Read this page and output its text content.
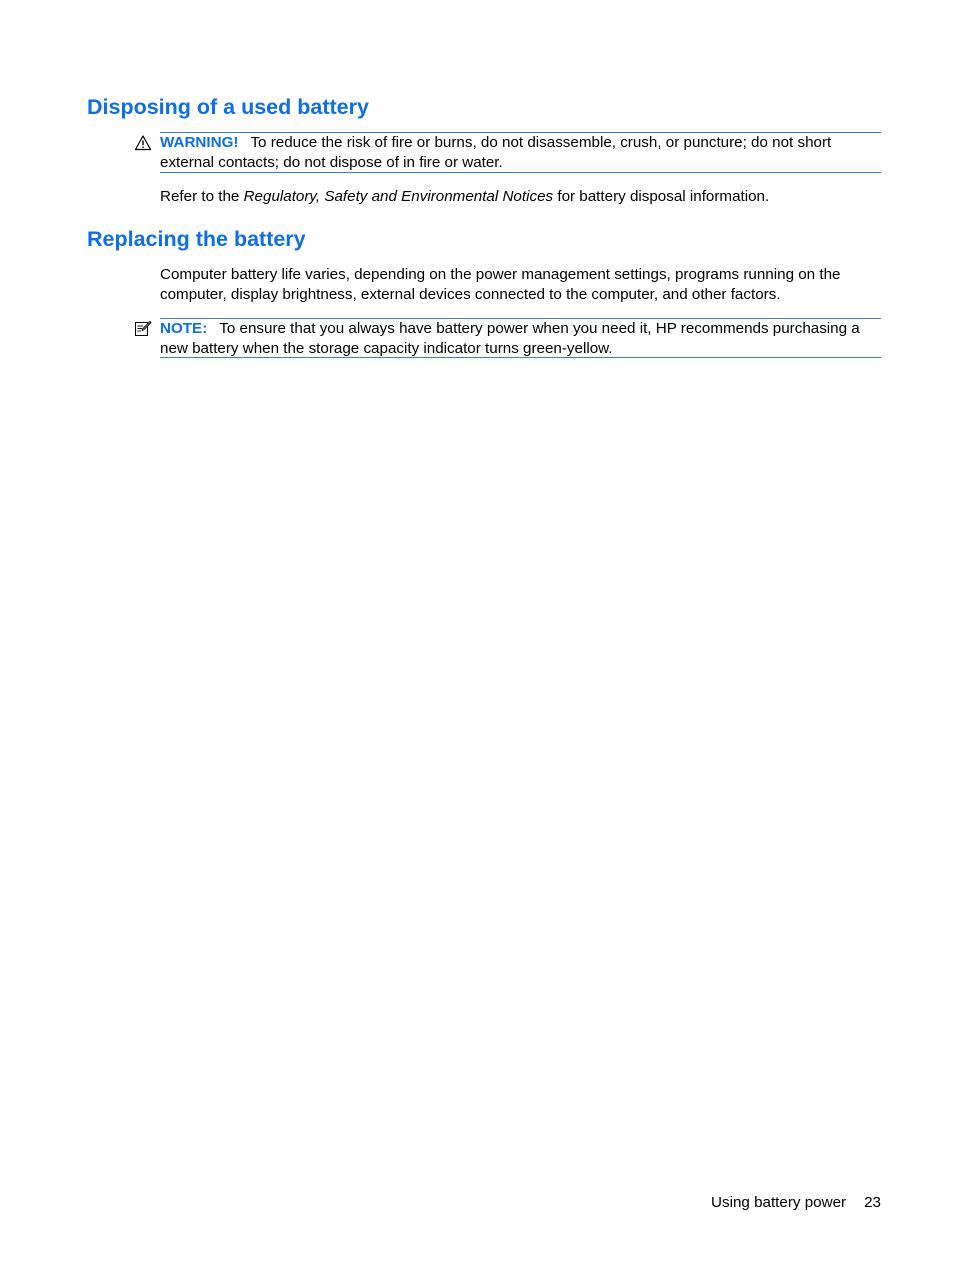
Disposing of a used battery
WARNING! To reduce the risk of fire or burns, do not disassemble, crush, or puncture; do not short external contacts; do not dispose of in fire or water.

Refer to the Regulatory, Safety and Environmental Notices for battery disposal information.

Replacing the battery

Computer battery life varies, depending on the power management settings, programs running on the computer, display brightness, external devices connected to the computer, and other factors.

NOTE: To ensure that you always have battery power when you need it, HP recommends purchasing a new battery when the storage capacity indicator turns green-yellow.
Using battery power 23
